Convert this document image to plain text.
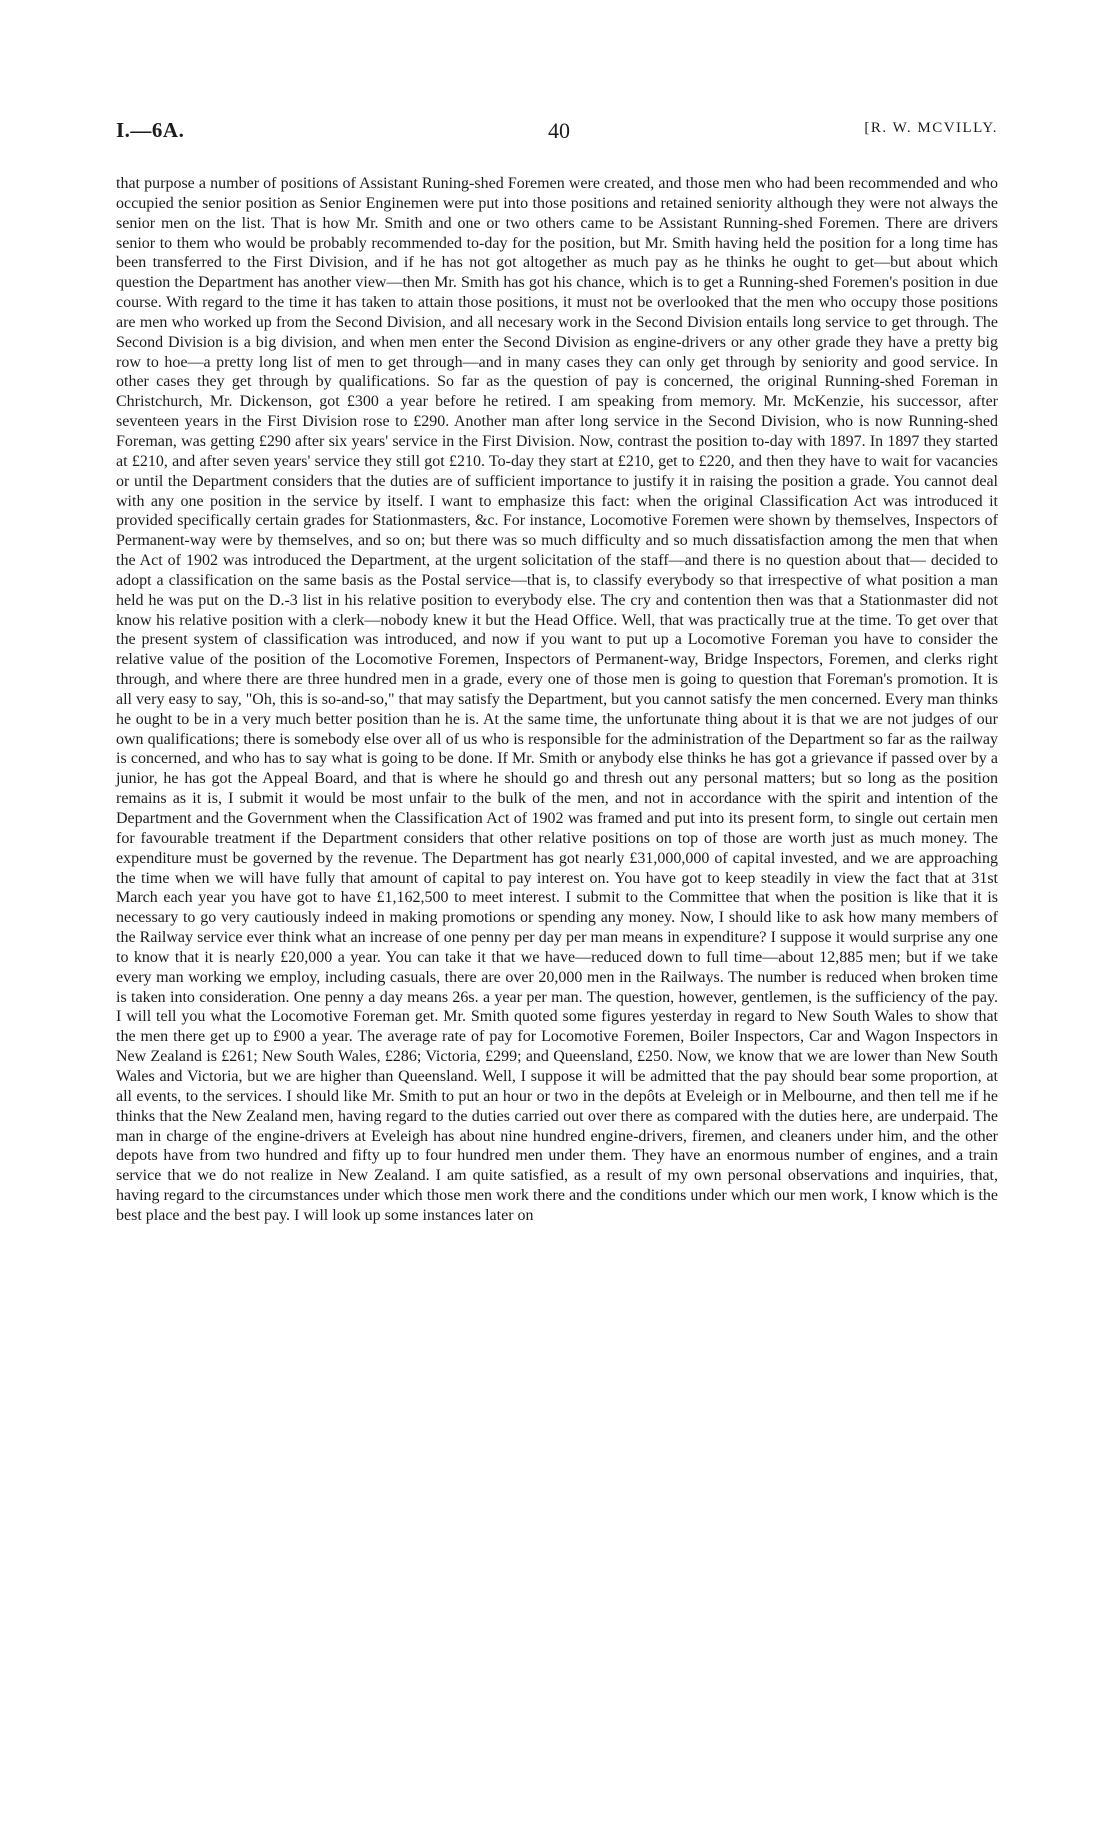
I.—6A.	40	[R. W. MCVILLY.

that purpose a number of positions of Assistant Runing-shed Foremen were created, and those men who had been recommended and who occupied the senior position as Senior Enginemen were put into those positions and retained seniority although they were not always the senior men on the list. That is how Mr. Smith and one or two others came to be Assistant Running-shed Foremen. There are drivers senior to them who would be probably recommended to-day for the position, but Mr. Smith having held the position for a long time has been transferred to the First Division, and if he has not got altogether as much pay as he thinks he ought to get—but about which question the Department has another view—then Mr. Smith has got his chance, which is to get a Running-shed Foremen's position in due course. With regard to the time it has taken to attain those positions, it must not be overlooked that the men who occupy those positions are men who worked up from the Second Division, and all necesary work in the Second Division entails long service to get through. The Second Division is a big division, and when men enter the Second Division as engine-drivers or any other grade they have a pretty big row to hoe—a pretty long list of men to get through—and in many cases they can only get through by seniority and good service. In other cases they get through by qualifications. So far as the question of pay is concerned, the original Running-shed Foreman in Christchurch, Mr. Dickenson, got £300 a year before he retired. I am speaking from memory. Mr. McKenzie, his successor, after seventeen years in the First Division rose to £290. Another man after long service in the Second Division, who is now Running-shed Foreman, was getting £290 after six years' service in the First Division. Now, contrast the position to-day with 1897. In 1897 they started at £210, and after seven years' service they still got £210. To-day they start at £210, get to £220, and then they have to wait for vacancies or until the Department considers that the duties are of sufficient importance to justify it in raising the position a grade. You cannot deal with any one position in the service by itself. I want to emphasize this fact: when the original Classification Act was introduced it provided specifically certain grades for Stationmasters, &c. For instance, Locomotive Foremen were shown by themselves, Inspectors of Permanent-way were by themselves, and so on; but there was so much difficulty and so much dissatisfaction among the men that when the Act of 1902 was introduced the Department, at the urgent solicitation of the staff—and there is no question about that— decided to adopt a classification on the same basis as the Postal service—that is, to classify everybody so that irrespective of what position a man held he was put on the D.-3 list in his relative position to everybody else. The cry and contention then was that a Stationmaster did not know his relative position with a clerk—nobody knew it but the Head Office. Well, that was practically true at the time. To get over that the present system of classification was introduced, and now if you want to put up a Locomotive Foreman you have to consider the relative value of the position of the Locomotive Foremen, Inspectors of Permanent-way, Bridge Inspectors, Foremen, and clerks right through, and where there are three hundred men in a grade, every one of those men is going to question that Foreman's promotion. It is all very easy to say, "Oh, this is so-and-so," that may satisfy the Department, but you cannot satisfy the men concerned. Every man thinks he ought to be in a very much better position than he is. At the same time, the unfortunate thing about it is that we are not judges of our own qualifications; there is somebody else over all of us who is responsible for the administration of the Department so far as the railway is concerned, and who has to say what is going to be done. If Mr. Smith or anybody else thinks he has got a grievance if passed over by a junior, he has got the Appeal Board, and that is where he should go and thresh out any personal matters; but so long as the position remains as it is, I submit it would be most unfair to the bulk of the men, and not in accordance with the spirit and intention of the Department and the Government when the Classification Act of 1902 was framed and put into its present form, to single out certain men for favourable treatment if the Department considers that other relative positions on top of those are worth just as much money. The expenditure must be governed by the revenue. The Department has got nearly £31,000,000 of capital invested, and we are approaching the time when we will have fully that amount of capital to pay interest on. You have got to keep steadily in view the fact that at 31st March each year you have got to have £1,162,500 to meet interest. I submit to the Committee that when the position is like that it is necessary to go very cautiously indeed in making promotions or spending any money. Now, I should like to ask how many members of the Railway service ever think what an increase of one penny per day per man means in expenditure? I suppose it would surprise any one to know that it is nearly £20,000 a year. You can take it that we have—reduced down to full time—about 12,885 men; but if we take every man working we employ, including casuals, there are over 20,000 men in the Railways. The number is reduced when broken time is taken into consideration. One penny a day means 26s. a year per man. The question, however, gentlemen, is the sufficiency of the pay. I will tell you what the Locomotive Foreman get. Mr. Smith quoted some figures yesterday in regard to New South Wales to show that the men there get up to £900 a year. The average rate of pay for Locomotive Foremen, Boiler Inspectors, Car and Wagon Inspectors in New Zealand is £261; New South Wales, £286; Victoria, £299; and Queensland, £250. Now, we know that we are lower than New South Wales and Victoria, but we are higher than Queensland. Well, I suppose it will be admitted that the pay should bear some proportion, at all events, to the services. I should like Mr. Smith to put an hour or two in the depôts at Eveleigh or in Melbourne, and then tell me if he thinks that the New Zealand men, having regard to the duties carried out over there as compared with the duties here, are underpaid. The man in charge of the engine-drivers at Eveleigh has about nine hundred engine-drivers, firemen, and cleaners under him, and the other depots have from two hundred and fifty up to four hundred men under them. They have an enormous number of engines, and a train service that we do not realize in New Zealand. I am quite satisfied, as a result of my own personal observations and inquiries, that, having regard to the circumstances under which those men work there and the conditions under which our men work, I know which is the best place and the best pay. I will look up some instances later on
